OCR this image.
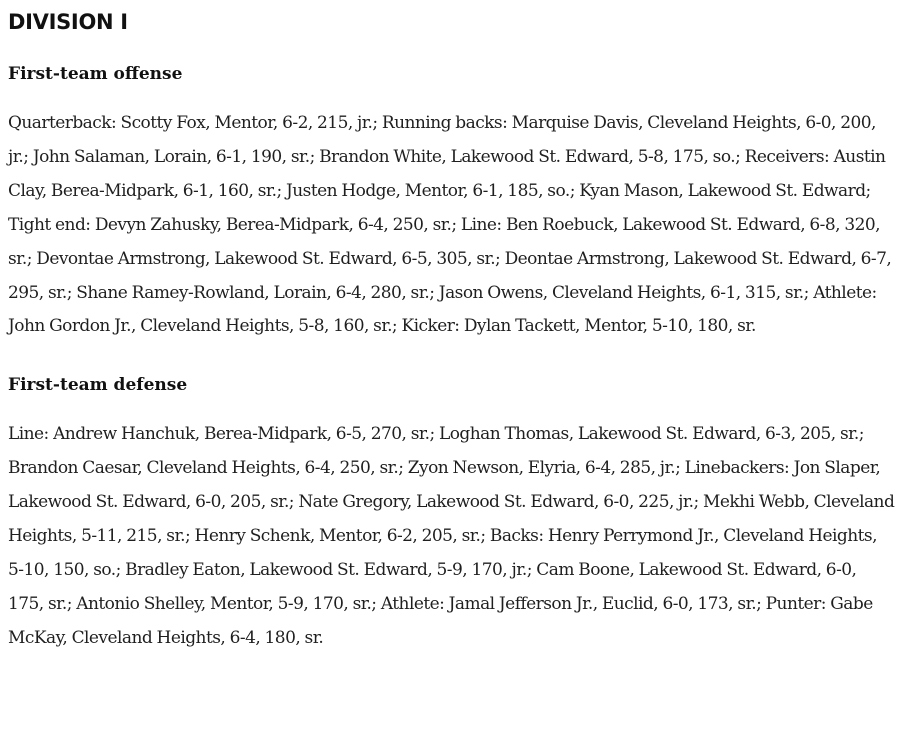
DIVISION I
First-team offense

Quarterback: Scotty Fox, Mentor, 6-2, 215, jr.; Running backs: Marquise Davis, Cleveland Heights, 6-0, 200, jr.; John Salaman, Lorain, 6-1, 190, sr.; Brandon White, Lakewood St. Edward, 5-8, 175, so.; Receivers: Austin Clay, Berea-Midpark, 6-1, 160, sr.; Justen Hodge, Mentor, 6-1, 185, so.; Kyan Mason, Lakewood St. Edward; Tight end: Devyn Zahusky, Berea-Midpark, 6-4, 250, sr.; Line: Ben Roebuck, Lakewood St. Edward, 6-8, 320, sr.; Devontae Armstrong, Lakewood St. Edward, 6-5, 305, sr.; Deontae Armstrong, Lakewood St. Edward, 6-7, 295, sr.; Shane Ramey-Rowland, Lorain, 6-4, 280, sr.; Jason Owens, Cleveland Heights, 6-1, 315, sr.; Athlete: John Gordon Jr., Cleveland Heights, 5-8, 160, sr.; Kicker: Dylan Tackett, Mentor, 5-10, 180, sr.

First-team defense

Line: Andrew Hanchuk, Berea-Midpark, 6-5, 270, sr.; Loghan Thomas, Lakewood St. Edward, 6-3, 205, sr.; Brandon Caesar, Cleveland Heights, 6-4, 250, sr.; Zyon Newson, Elyria, 6-4, 285, jr.; Linebackers: Jon Slaper, Lakewood St. Edward, 6-0, 205, sr.; Nate Gregory, Lakewood St. Edward, 6-0, 225, jr.; Mekhi Webb, Cleveland Heights, 5-11, 215, sr.; Henry Schenk, Mentor, 6-2, 205, sr.; Backs: Henry Perrymond Jr., Cleveland Heights, 5-10, 150, so.; Bradley Eaton, Lakewood St. Edward, 5-9, 170, jr.; Cam Boone, Lakewood St. Edward, 6-0, 175, sr.; Antonio Shelley, Mentor, 5-9, 170, sr.; Athlete: Jamal Jefferson Jr., Euclid, 6-0, 173, sr.; Punter: Gabe McKay, Cleveland Heights, 6-4, 180, sr.
